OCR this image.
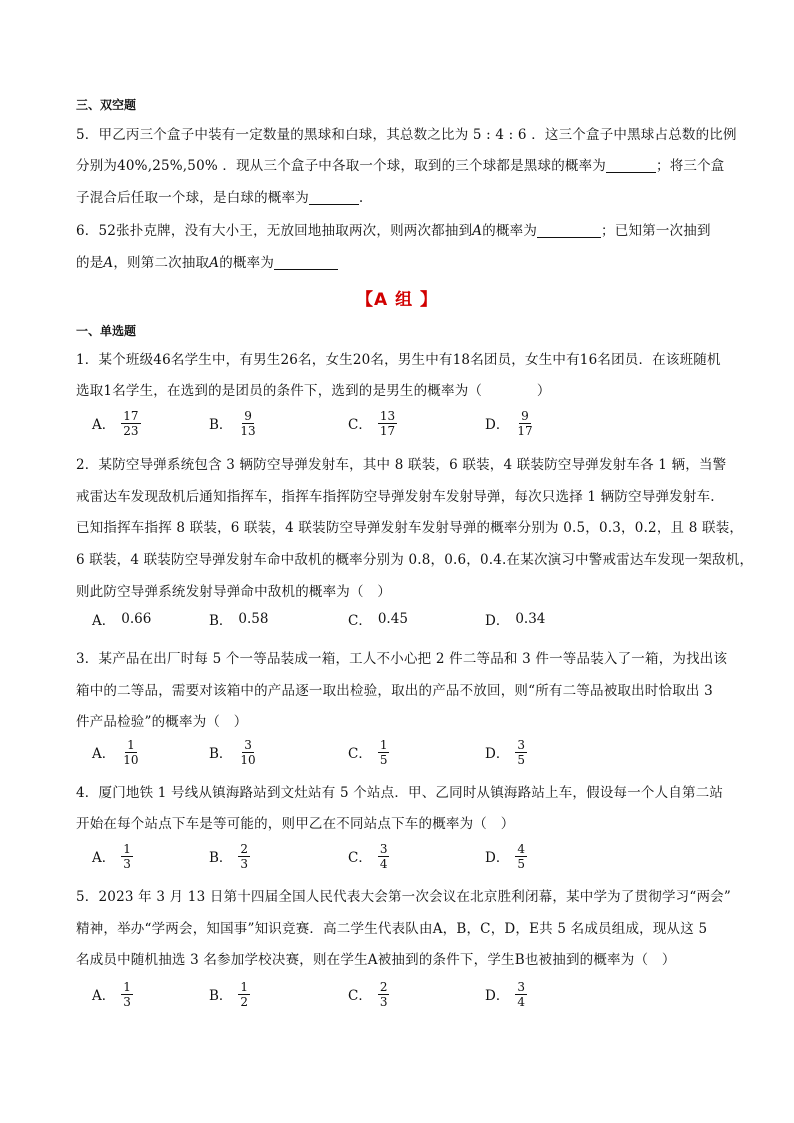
三、双空题
5．甲乙丙三个盒子中装有一定数量的黑球和白球，其总数之比为 5 : 4 : 6 ．这三个盒子中黑球占总数的比例
分别为40%,25%,50% ．现从三个盒子中各取一个球，取到的三个球都是黑球的概率为	；将三个盒
子混合后任取一个球，是白球的概率为	.
6．52张扑克牌，没有大小王，无放回地抽取两次，则两次都抽到A的概率为	；已知第一次抽到
的是A，则第二次抽取A的概率为
【A 组 】
一、单选题
1．某个班级46名学生中，有男生26名，女生20名，男生中有18名团员，女生中有16名团员．在该班随机
选取1名学生，在选到的是团员的条件下，选到的是男生的概率为（　　　　）
A． $\frac{17}{23}$	B． $\frac{9}{13}$	C． $\frac{13}{17}$	D． $\frac{9}{17}$
2．某防空导弹系统包含 3 辆防空导弹发射车，其中 8 联装，6 联装，4 联装防空导弹发射车各 1 辆，当警
戒雷达车发现敌机后通知指挥车，指挥车指挥防空导弹发射车发射导弹，每次只选择 1 辆防空导弹发射车.
已知指挥车指挥 8 联装，6 联装，4 联装防空导弹发射车发射导弹的概率分别为 0.5，0.3，0.2，且 8 联装，
6 联装，4 联装防空导弹发射车命中敌机的概率分别为 0.8，0.6，0.4.在某次演习中警戒雷达车发现一架敌机，
则此防空导弹系统发射导弹命中敌机的概率为（　）
A． 0.66	B． 0.58	C． 0.45	D． 0.34
3．某产品在出厂时每 5 个一等品装成一箱，工人不小心把 2 件二等品和 3 件一等品装入了一箱，为找出该
箱中的二等品，需要对该箱中的产品逐一取出检验，取出的产品不放回，则“所有二等品被取出时恰取出 3
件产品检验”的概率为（　）
A． $\frac{1}{10}$	B． $\frac{3}{10}$	C． $\frac{1}{5}$	D． $\frac{3}{5}$
4．厦门地铁 1 号线从镇海路站到文灶站有 5 个站点．甲、乙同时从镇海路站上车，假设每一个人自第二站
开始在每个站点下车是等可能的，则甲乙在不同站点下车的概率为（　）
A． $\frac{1}{3}$	B． $\frac{2}{3}$	C． $\frac{3}{4}$	D． $\frac{4}{5}$
5．2023 年 3 月 13 日第十四届全国人民代表大会第一次会议在北京胜利闭幕，某中学为了贯彻学习“两会”
精神，举办“学两会，知国事”知识竞赛．高二学生代表队由A，B，C，D，E共 5 名成员组成，现从这 5
名成员中随机抽选 3 名参加学校决赛，则在学生A被抽到的条件下，学生B也被抽到的概率为（　）
A． $\frac{1}{3}$	B． $\frac{1}{2}$	C． $\frac{2}{3}$	D． $\frac{3}{4}$
